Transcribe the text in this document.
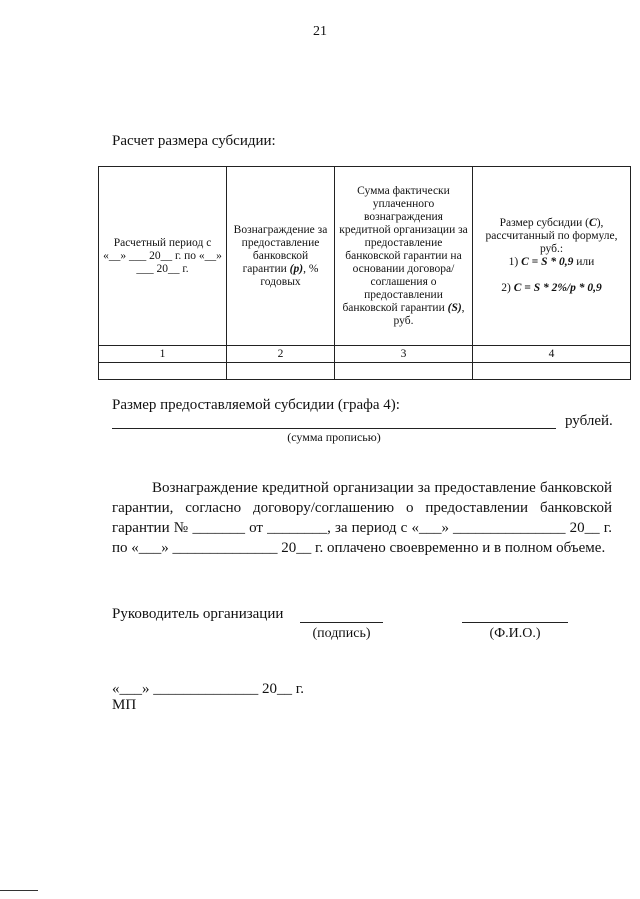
21
Расчет размера субсидии:
Расчетный период с «__» ___ 20__ г. по «__» ___ 20__ г.	Вознаграждение за предоставление банковской гарантии (р), % годовых	Сумма фактически уплаченного вознаграждения кредитной организации за предоставление банковской гарантии на основании договора/соглашения о предоставлении банковской гарантии (S), руб.	Размер субсидии (С), рассчитанный по формуле, руб.:
1) C = S * 0,9 или

2) C = S * 2%/p * 0,9
1	2	3	4

Размер предоставляемой субсидии (графа 4):
рублей.
(сумма прописью)
Вознаграждение кредитной организации за предоставление банковской
гарантии, согласно договору/соглашению о предоставлении банковской
гарантии № _______ от ________, за период с «___» _______________ 20__ г.
по «___» ______________ 20__ г. оплачено своевременно и в полном объеме.
Руководитель организации
(подпись)	(Ф.И.О.)
«___» ______________ 20__ г.
МП
